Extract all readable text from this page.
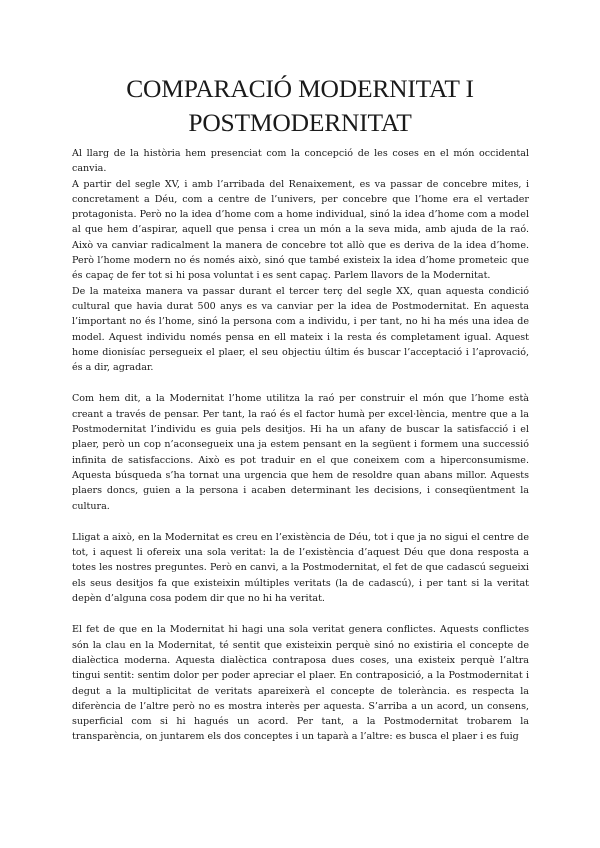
COMPARACIÓ MODERNITAT I POSTMODERNITAT

Al llarg de la història hem presenciat com la concepció de les coses en el món occidental canvia.

A partir del segle XV, i amb l’arribada del Renaixement, es va passar de concebre mites, i concretament a Déu, com a centre de l’univers, per concebre que l’home era el vertader protagonista. Però no la idea d’home com a home individual, sinó la idea d’home com a model al que hem d’aspirar, aquell que pensa i crea un món a la seva mida, amb ajuda de la raó. Això va canviar radicalment la manera de concebre tot allò que es deriva de la idea d’home. Però l’home modern no és només això, sinó que també existeix la idea d’home prometeic que és capaç de fer tot si hi posa voluntat i es sent capaç. Parlem llavors de la Modernitat.

De la mateixa manera va passar durant el tercer terç del segle XX, quan aquesta condició cultural que havia durat 500 anys es va canviar per la idea de Postmodernitat. En aquesta l’important no és l’home, sinó la persona com a individu, i per tant, no hi ha més una idea de model. Aquest individu només pensa en ell mateix i la resta és completament igual. Aquest home dionisíac persegueix el plaer, el seu objectiu últim és buscar l’acceptació i l’aprovació, és a dir, agradar.

Com hem dit, a la Modernitat l’home utilitza la raó per construir el món que l’home està creant a través de pensar. Per tant, la raó és el factor humà per excel·lència, mentre que a la Postmodernitat l’individu es guia pels desitjos. Hi ha un afany de buscar la satisfacció i el plaer, però un cop n’aconsegueix una ja estem pensant en la següent i formem una successió infinita de satisfaccions. Això es pot traduir en el que coneixem com a hiperconsumisme. Aquesta búsqueda s’ha tornat una urgencia que hem de resoldre quan abans millor. Aquests plaers doncs, guien a la persona i acaben determinant les decisions, i conseqüentment la cultura.

Lligat a això, en la Modernitat es creu en l’existència de Déu, tot i que ja no sigui el centre de tot, i aquest li ofereix una sola veritat: la de l’existència d’aquest Déu que dona resposta a totes les nostres preguntes. Però en canvi, a la Postmodernitat, el fet de que cadascú segueixi els seus desitjos fa que existeixin múltiples veritats (la de cadascú), i per tant si la veritat depèn d’alguna cosa podem dir que no hi ha veritat.

El fet de que en la Modernitat hi hagi una sola veritat genera conflictes. Aquests conflictes són la clau en la Modernitat, té sentit que existeixin perquè sinó no existiria el concepte de dialèctica moderna. Aquesta dialèctica contraposa dues coses, una existeix perquè l’altra tingui sentit: sentim dolor per poder apreciar el plaer. En contraposició, a la Postmodernitat i degut a la multiplicitat de veritats apareixerà el concepte de tolerància. es respecta la diferència de l’altre però no es mostra interès per aquesta. S’arriba a un acord, un consens, superficial com si hi hagués un acord. Per tant, a la Postmodernitat trobarem la transparència, on juntarem els dos conceptes i un taparà a l’altre: es busca el plaer i es fuig
